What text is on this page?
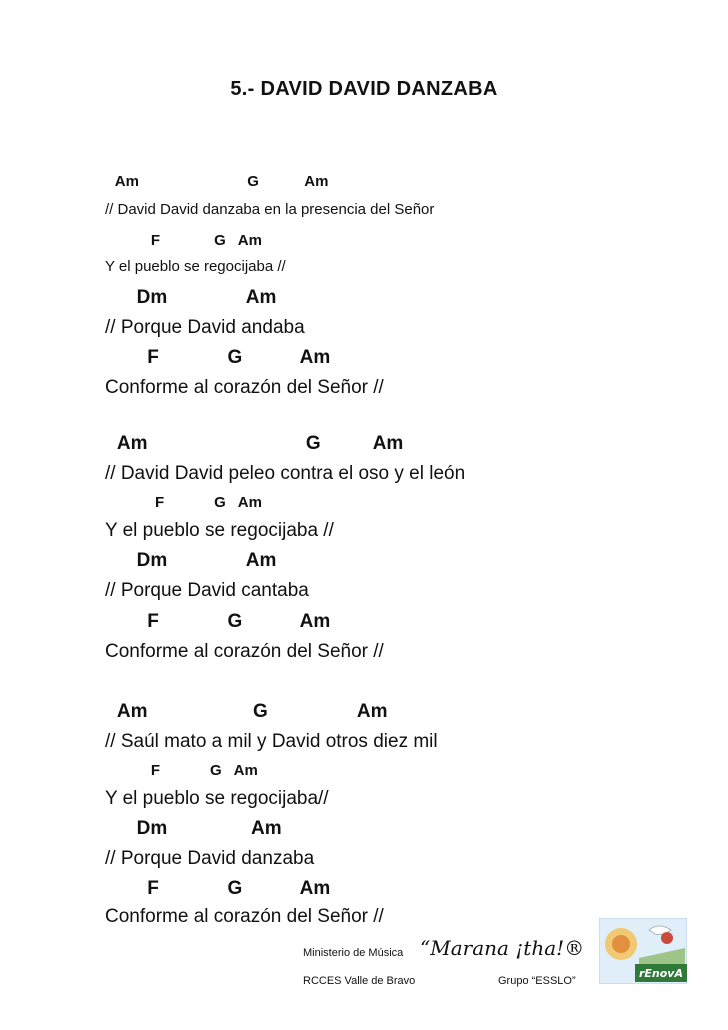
5.- DAVID DAVID DANZABA
Am                          G           Am
// David David danzaba en la presencia del Señor
F             G   Am
Y el pueblo se regocijaba //
Dm               Am
// Porque David andaba
F             G           Am
Conforme al corazón del Señor //
Am                              G          Am
// David David peleo contra el oso y el león
F            G   Am
Y el pueblo se regocijaba //
Dm               Am
// Porque David cantaba
F             G           Am
Conforme al corazón del Señor //
Am                    G                 Am
// Saúl mato a mil y David otros diez mil
F            G   Am
Y el pueblo se regocijaba//
Dm                Am
// Porque David danzaba
F             G           Am
Conforme al corazón del Señor //
Ministerio de Música “Marana ¡tha!®
RCCES Valle de Bravo	Grupo “ESSLO”
rEnovA
